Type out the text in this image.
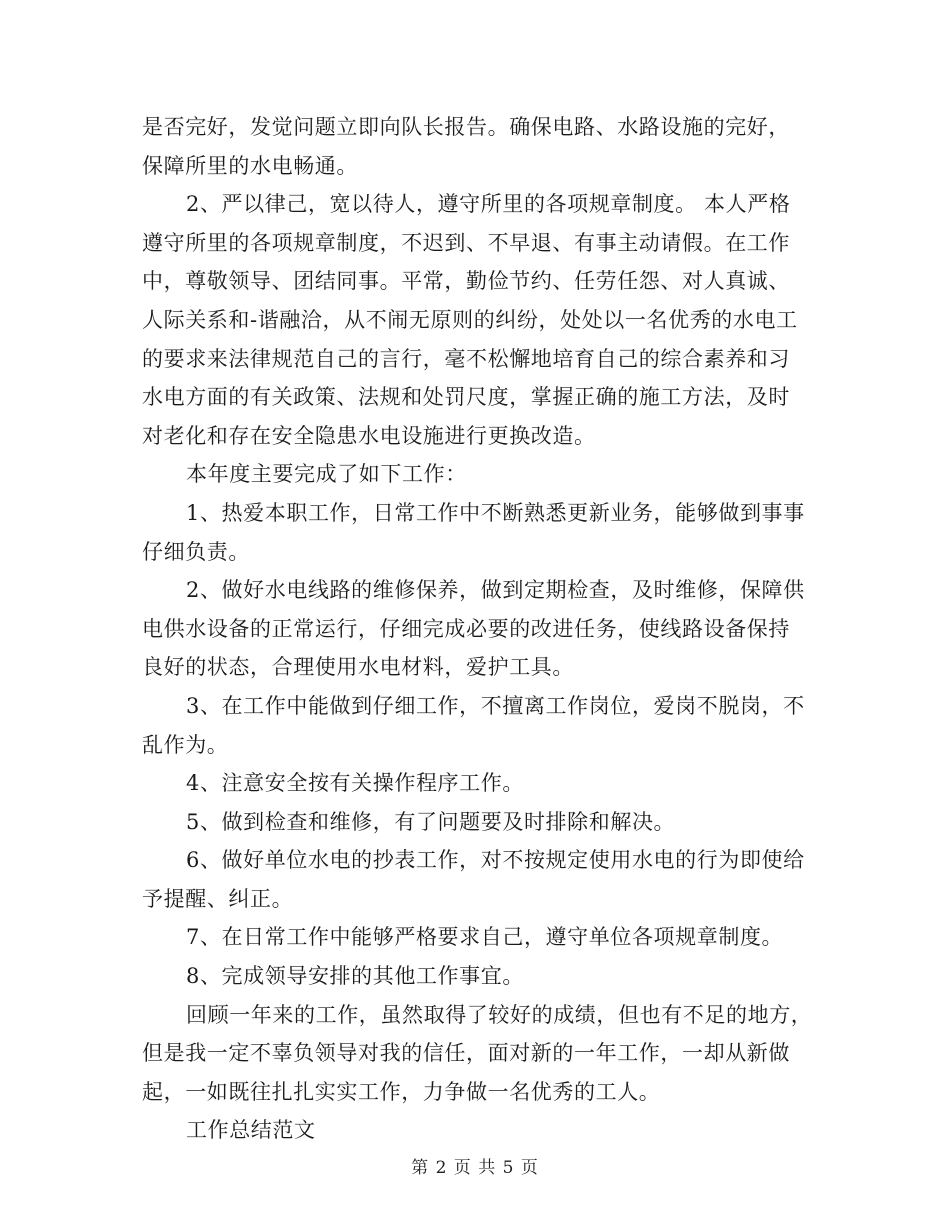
是否完好，发觉问题立即向队长报告。确保电路、水路设施的完好，
保障所里的水电畅通。
2、严以律己，宽以待人，遵守所里的各项规章制度。 本人严格
遵守所里的各项规章制度，不迟到、不早退、有事主动请假。在工作
中，尊敬领导、团结同事。平常，勤俭节约、任劳任怨、对人真诚、
人际关系和-谐融洽，从不闹无原则的纠纷，处处以一名优秀的水电工
的要求来法律规范自己的言行，毫不松懈地培育自己的综合素养和习
水电方面的有关政策、法规和处罚尺度，掌握正确的施工方法，及时
对老化和存在安全隐患水电设施进行更换改造。
本年度主要完成了如下工作：
1、热爱本职工作，日常工作中不断熟悉更新业务，能够做到事事
仔细负责。
2、做好水电线路的维修保养，做到定期检查，及时维修，保障供
电供水设备的正常运行，仔细完成必要的改进任务，使线路设备保持
良好的状态，合理使用水电材料，爱护工具。
3、在工作中能做到仔细工作，不擅离工作岗位，爱岗不脱岗，不
乱作为。
4、注意安全按有关操作程序工作。
5、做到检查和维修，有了问题要及时排除和解决。
6、做好单位水电的抄表工作，对不按规定使用水电的行为即使给
予提醒、纠正。
7、在日常工作中能够严格要求自己，遵守单位各项规章制度。
8、完成领导安排的其他工作事宜。
回顾一年来的工作，虽然取得了较好的成绩，但也有不足的地方，
但是我一定不辜负领导对我的信任，面对新的一年工作，一却从新做
起，一如既往扎扎实实工作，力争做一名优秀的工人。
工作总结范文
第 2 页 共 5 页
